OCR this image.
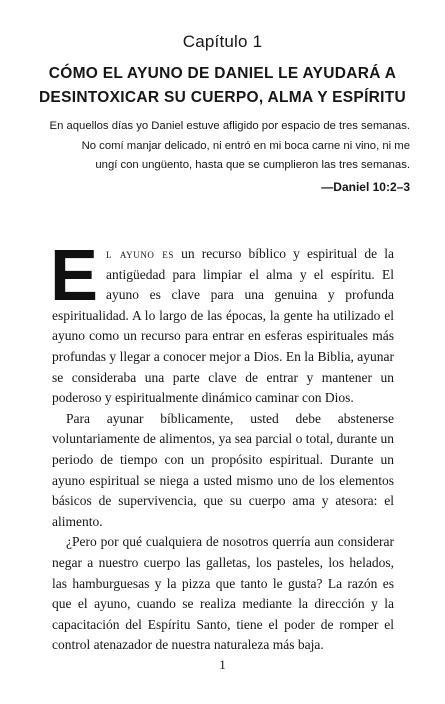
Capítulo 1
CÓMO EL AYUNO DE DANIEL LE AYUDARÁ A DESINTOXICAR SU CUERPO, ALMA Y ESPÍRITU
En aquellos días yo Daniel estuve afligido por espacio de tres semanas.
No comí manjar delicado, ni entró en mi boca carne ni vino, ni me
ungí con ungüento, hasta que se cumplieron las tres semanas.
—Daniel 10:2–3

El ayuno es un recurso bíblico y espiritual de la antigüedad para limpiar el alma y el espíritu. El ayuno es clave para una genuina y profunda espiritualidad. A lo largo de las épocas, la gente ha utilizado el ayuno como un recurso para entrar en esferas espirituales más profundas y llegar a conocer mejor a Dios. En la Biblia, ayunar se consideraba una parte clave de entrar y mantener un poderoso y espiritualmente dinámico caminar con Dios.

Para ayunar bíblicamente, usted debe abstenerse voluntariamente de alimentos, ya sea parcial o total, durante un periodo de tiempo con un propósito espiritual. Durante un ayuno espiritual se niega a usted mismo uno de los elementos básicos de supervivencia, que su cuerpo ama y atesora: el alimento.

¿Pero por qué cualquiera de nosotros querría aun considerar negar a nuestro cuerpo las galletas, los pasteles, los helados, las hamburguesas y la pizza que tanto le gusta? La razón es que el ayuno, cuando se realiza mediante la dirección y la capacitación del Espíritu Santo, tiene el poder de romper el control atenazador de nuestra naturaleza más baja.

1
